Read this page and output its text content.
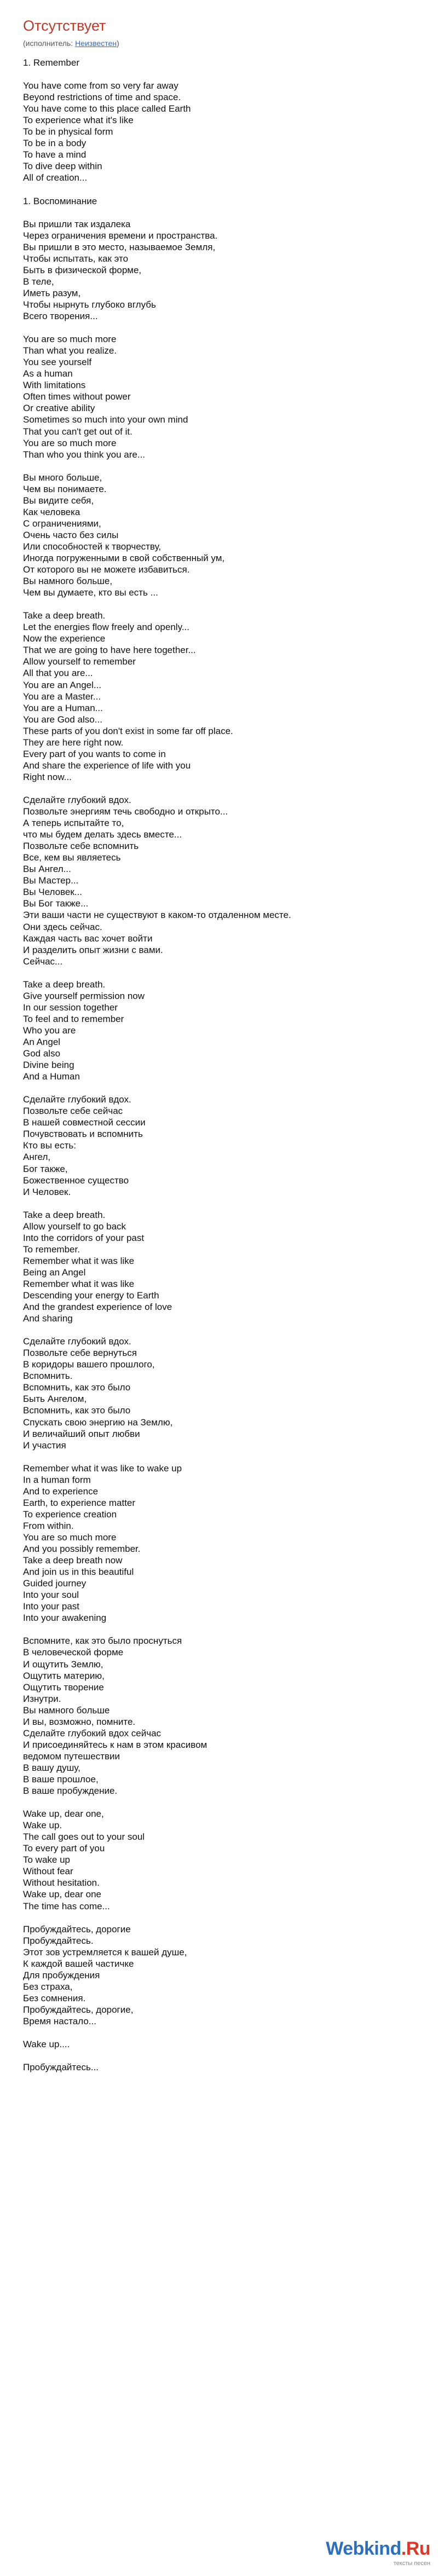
Отсутствует
(исполнитель: Неизвестен)
1. Remember
You have come from so very far away
Beyond restrictions of time and space.
You have come to this place called Earth
To experience what it's like
To be in physical form
To be in a body
To have a mind
To dive deep within
All of creation...
1. Воспоминание
Вы пришли так издалека
Через ограничения времени и пространства.
Вы пришли в это место, называемое Земля,
Чтобы испытать, как это
Быть в физической форме,
В теле,
Иметь разум,
Чтобы нырнуть глубоко вглубь
Всего творения...
You are so much more
Than what you realize.
You see yourself
As a human
With limitations
Often times without power
Or creative ability
Sometimes so much into your own mind
That you can't get out of it.
You are so much more
Than who you think you are...
Вы много больше,
Чем вы понимаете.
Вы видите себя,
Как человека
С ограничениями,
Очень часто без силы
Или способностей к творчеству,
Иногда погруженными в свой собственный ум,
От которого вы не можете избавиться.
Вы намного больше,
Чем вы думаете, кто вы есть ...
Take a deep breath.
Let the energies flow freely and openly...
Now the experience
That we are going to have here together...
Allow yourself to remember
All that you are...
You are an Angel...
You are a Master...
You are a Human...
You are God also...
These parts of you don't exist in some far off place.
They are here right now.
Every part of you wants to come in
And share the experience of life with you
Right now...
Сделайте глубокий вдох.
Позвольте энергиям течь свободно и открыто...
А теперь испытайте то,
что мы будем делать здесь вместе...
Позвольте себе вспомнить
Все, кем вы являетесь
Вы Ангел...
Вы Мастер...
Вы Человек...
Вы Бог также...
Эти ваши части не существуют в каком-то отдаленном месте.
Они здесь сейчас.
Каждая часть вас хочет войти
И разделить опыт жизни с вами.
Сейчас...
Take a deep breath.
Give yourself permission now
In our session together
To feel and to remember
Who you are
An Angel
God also
Divine being
And a Human
Сделайте глубокий вдох.
Позвольте себе сейчас
В нашей совместной сессии
Почувствовать и вспомнить
Кто вы есть:
Ангел,
Бог также,
Божественное существо
И Человек.
Take a deep breath.
Allow yourself to go back
Into the corridors of your past
To remember.
Remember what it was like
Being an Angel
Remember what it was like
Descending your energy to Earth
And the grandest experience of love
And sharing
Сделайте глубокий вдох.
Позвольте себе вернуться
В коридоры вашего прошлого,
Вспомнить.
Вспомнить, как это было
Быть Ангелом,
Вспомнить, как это было
Спускать свою энергию на Землю,
И величайший опыт любви
И участия
Remember what it was like to wake up
In a human form
And to experience
Earth, to experience matter
To experience creation
From within.
You are so much more
And you possibly remember.
Take a deep breath now
And join us in this beautiful
Guided journey
Into your soul
Into your past
Into your awakening
Вспомните, как это было проснуться
В человеческой форме
И ощутить Землю,
Ощутить материю,
Ощутить творение
Изнутри.
Вы намного больше
И вы, возможно, помните.
Сделайте глубокий вдох сейчас
И присоединяйтесь к нам в этом красивом
ведомом путешествии
В вашу душу,
В ваше прошлое,
В ваше пробуждение.
Wake up, dear one,
Wake up.
The call goes out to your soul
To every part of you
To wake up
Without fear
Without hesitation.
Wake up, dear one
The time has come...
Пробуждайтесь, дорогие
Пробуждайтесь.
Этот зов устремляется к вашей душе,
К каждой вашей частичке
Для пробуждения
Без страха,
Без сомнения.
Пробуждайтесь, дорогие,
Время настало...
Wake up....
Пробуждайтесь...
Webkind.Ru
тексты песен
